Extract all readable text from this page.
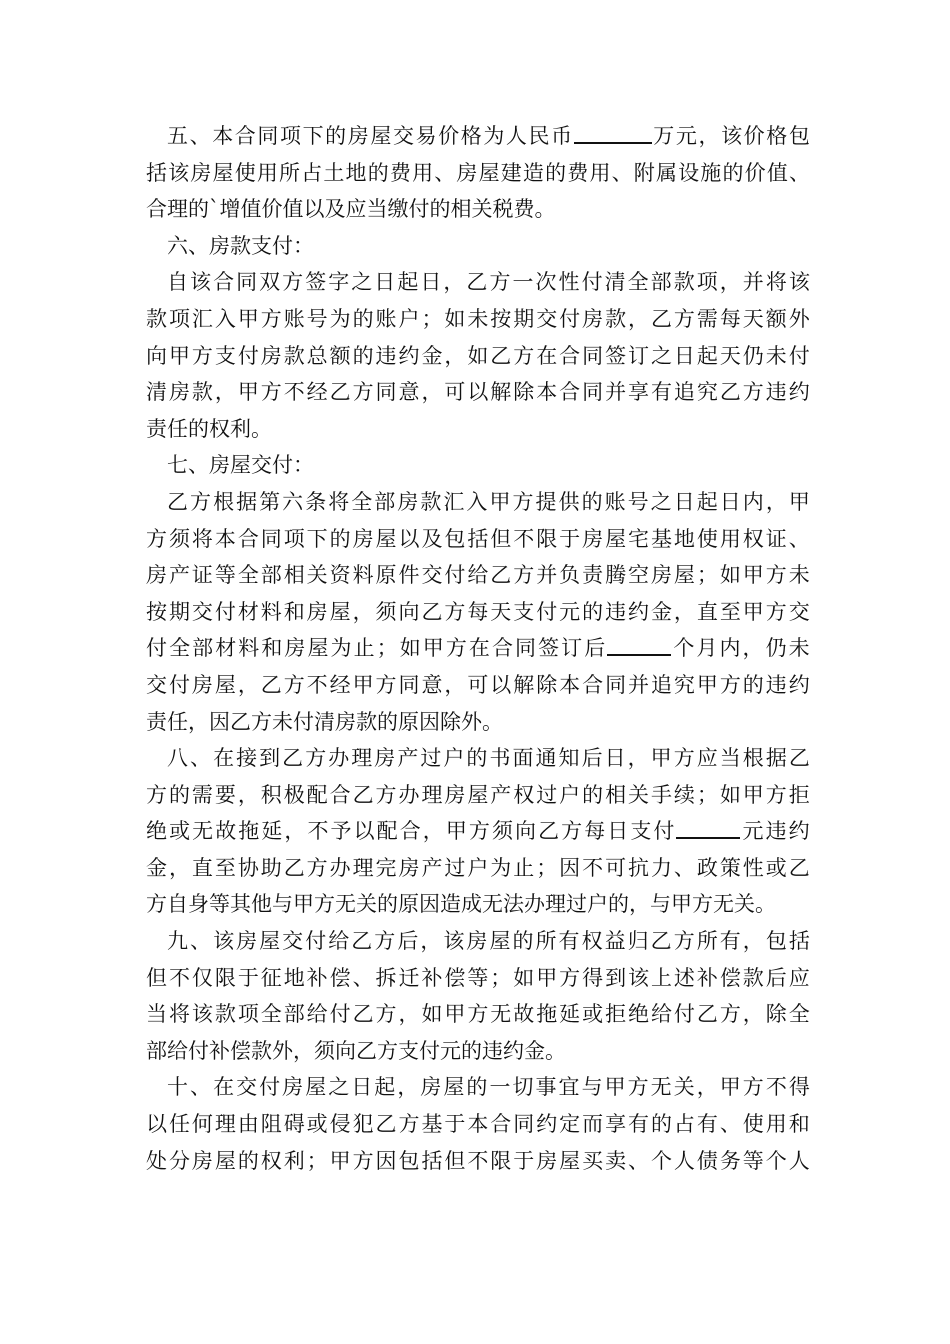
五 、 本 合 同 项 下 的 房 屋 交 易 价 格 为 人 民 币	万 元 ， 该 价 格 包
括 该 房 屋 使 用 所 占 土 地 的 费 用 、 房 屋 建 造 的 费 用 、 附 属 设 施 的 价 值 、
合 理 的 ` 增 值 价 值 以 及 应 当 缴 付 的 相 关 税 费 。
六 、 房 款 支 付 ：
自 该 合 同 双 方 签 字 之 日 起 日 ， 乙 方 一 次 性 付 清 全 部 款 项 ， 并 将 该
款 项 汇 入 甲 方 账 号 为 的 账 户 ； 如 未 按 期 交 付 房 款 ， 乙 方 需 每 天 额 外
向 甲 方 支 付 房 款 总 额 的 违 约 金 ， 如 乙 方 在 合 同 签 订 之 日 起 天 仍 未 付
清 房 款 ， 甲 方 不 经 乙 方 同 意 ， 可 以 解 除 本 合 同 并 享 有 追 究 乙 方 违 约
责 任 的 权 利 。
七 、 房 屋 交 付 ：
乙 方 根 据 第 六 条 将 全 部 房 款 汇 入 甲 方 提 供 的 账 号 之 日 起 日 内 ， 甲
方 须 将 本 合 同 项 下 的 房 屋 以 及 包 括 但 不 限 于 房 屋 宅 基 地 使 用 权 证 、
房 产 证 等 全 部 相 关 资 料 原 件 交 付 给 乙 方 并 负 责 腾 空 房 屋 ； 如 甲 方 未
按 期 交 付 材 料 和 房 屋 ， 须 向 乙 方 每 天 支 付 元 的 违 约 金 ， 直 至 甲 方 交
付 全 部 材 料 和 房 屋 为 止 ； 如 甲 方 在 合 同 签 订 后	个 月 内 ， 仍 未
交 付 房 屋 ， 乙 方 不 经 甲 方 同 意 ， 可 以 解 除 本 合 同 并 追 究 甲 方 的 违 约
责 任 ， 因 乙 方 未 付 清 房 款 的 原 因 除 外 。
八 、 在 接 到 乙 方 办 理 房 产 过 户 的 书 面 通 知 后 日 ， 甲 方 应 当 根 据 乙
方 的 需 要 ， 积 极 配 合 乙 方 办 理 房 屋 产 权 过 户 的 相 关 手 续 ； 如 甲 方 拒
绝 或 无 故 拖 延 ， 不 予 以 配 合 ， 甲 方 须 向 乙 方 每 日 支 付	元 违 约
金 ， 直 至 协 助 乙 方 办 理 完 房 产 过 户 为 止 ； 因 不 可 抗 力 、 政 策 性 或 乙
方 自 身 等 其 他 与 甲 方 无 关 的 原 因 造 成 无 法 办 理 过 户 的 ， 与 甲 方 无 关 。
九 、 该 房 屋 交 付 给 乙 方 后 ， 该 房 屋 的 所 有 权 益 归 乙 方 所 有 ， 包 括
但 不 仅 限 于 征 地 补 偿 、 拆 迁 补 偿 等 ； 如 甲 方 得 到 该 上 述 补 偿 款 后 应
当 将 该 款 项 全 部 给 付 乙 方 ， 如 甲 方 无 故 拖 延 或 拒 绝 给 付 乙 方 ， 除 全
部 给 付 补 偿 款 外 ， 须 向 乙 方 支 付 元 的 违 约 金 。
十 、 在 交 付 房 屋 之 日 起 ， 房 屋 的 一 切 事 宜 与 甲 方 无 关 ， 甲 方 不 得
以 任 何 理 由 阻 碍 或 侵 犯 乙 方 基 于 本 合 同 约 定 而 享 有 的 占 有 、 使 用 和
处 分 房 屋 的 权 利 ； 甲 方 因 包 括 但 不 限 于 房 屋 买 卖 、 个 人 债 务 等 个 人
